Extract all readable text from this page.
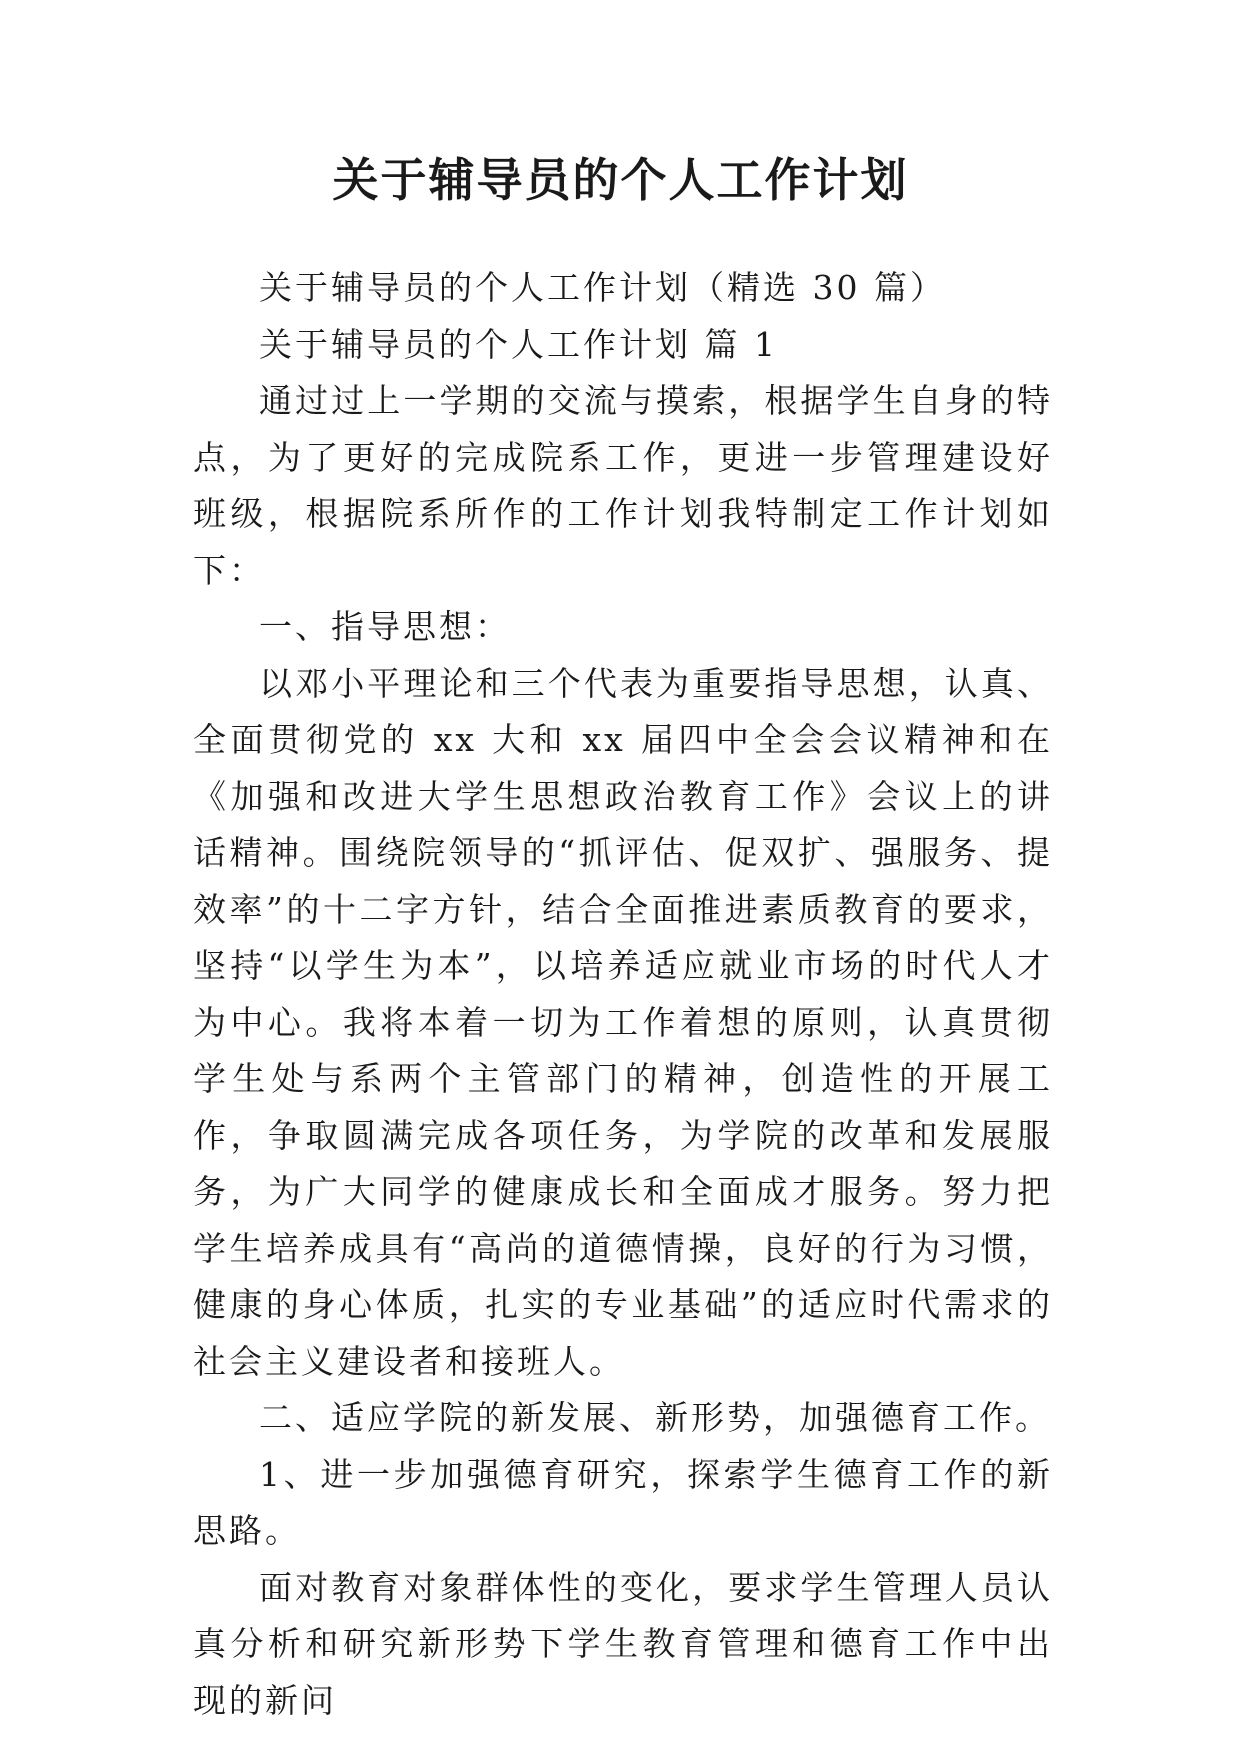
关于辅导员的个人工作计划

关于辅导员的个人工作计划（精选 30 篇）

关于辅导员的个人工作计划 篇 1

通过过上一学期的交流与摸索，根据学生自身的特点，为了更好的完成院系工作，更进一步管理建设好班级，根据院系所作的工作计划我特制定工作计划如下：

一、指导思想：

以邓小平理论和三个代表为重要指导思想，认真、全面贯彻党的 xx 大和 xx 届四中全会会议精神和在《加强和改进大学生思想政治教育工作》会议上的讲话精神。围绕院领导的“抓评估、促双扩、强服务、提效率”的十二字方针，结合全面推进素质教育的要求，坚持“以学生为本”，以培养适应就业市场的时代人才为中心。我将本着一切为工作着想的原则，认真贯彻学生处与系两个主管部门的精神，创造性的开展工作，争取圆满完成各项任务，为学院的改革和发展服务，为广大同学的健康成长和全面成才服务。努力把学生培养成具有“高尚的道德情操，良好的行为习惯，健康的身心体质，扎实的专业基础”的适应时代需求的社会主义建设者和接班人。

二、适应学院的新发展、新形势，加强德育工作。

1、进一步加强德育研究，探索学生德育工作的新思路。

面对教育对象群体性的变化，要求学生管理人员认真分析和研究新形势下学生教育管理和德育工作中出现的新问
